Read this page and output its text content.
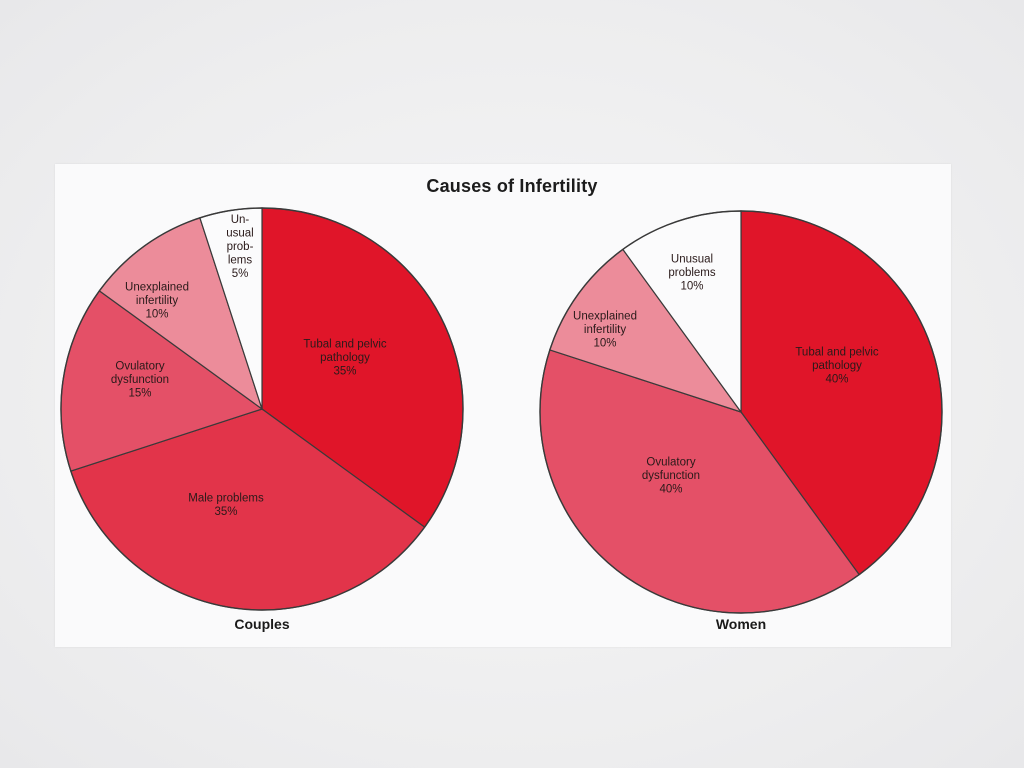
Causes of Infertility
Tubal and pelvic pathology 35%
Male problems 35%
Ovulatory dysfunction 15%
Unexplained infertility 10%
Un-usual prob-lems 5%
Couples
Tubal and pelvic pathology 40%
Ovulatory dysfunction 40%
Unexplained infertility 10%
Unusual problems 10%
Women
